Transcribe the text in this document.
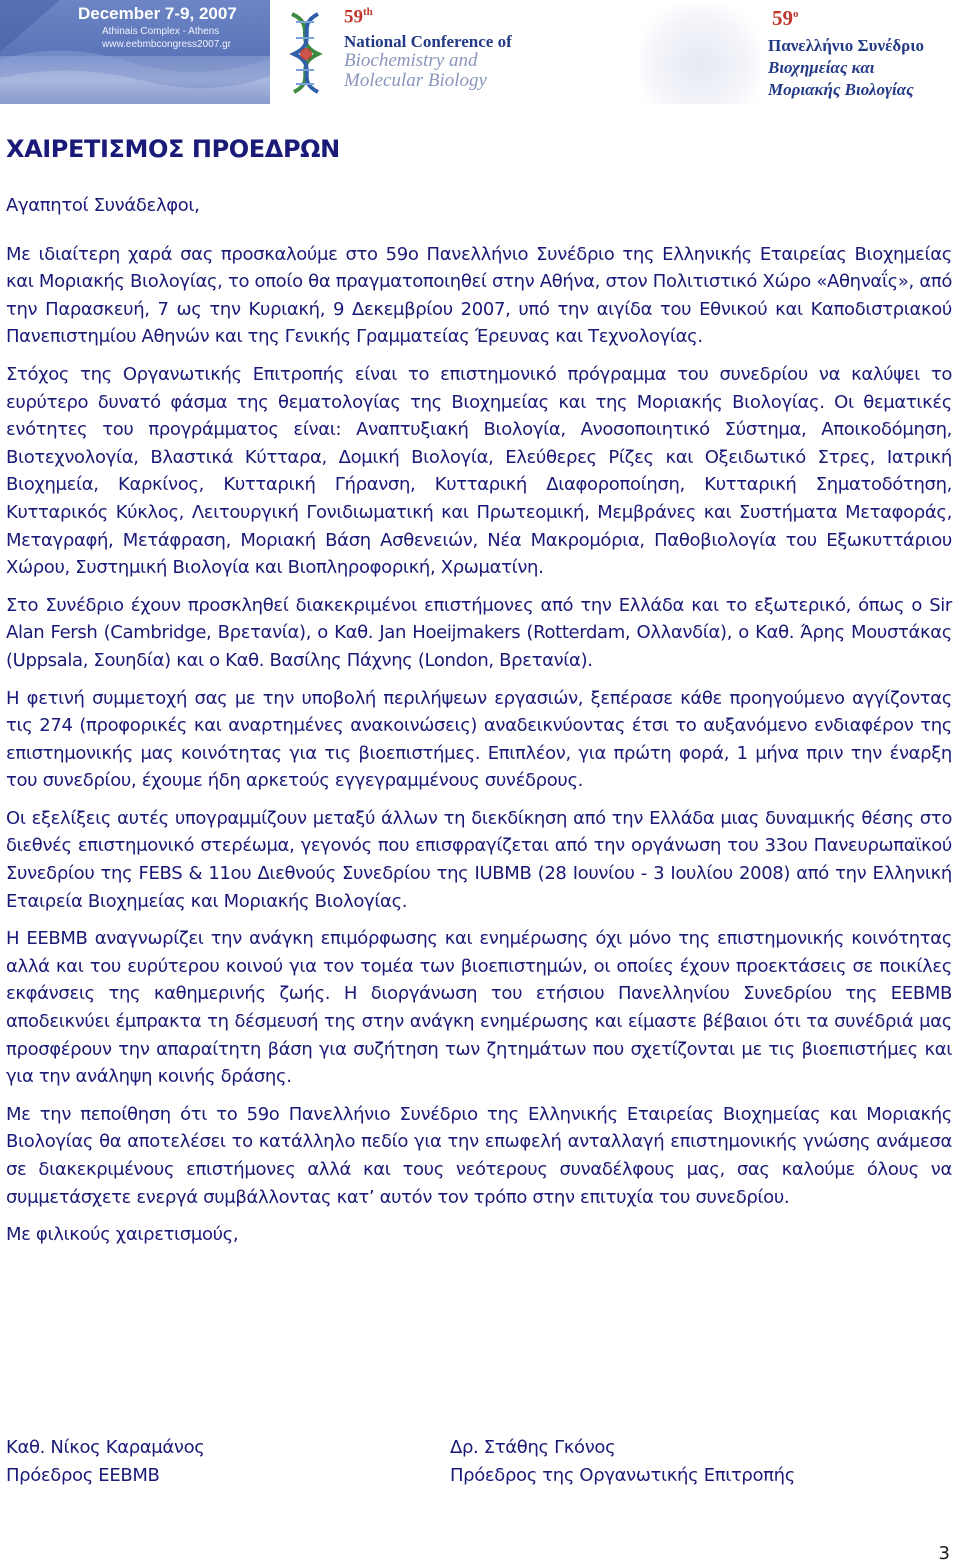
December 7-9, 2007
Athinais Complex - Athens
www.eebmbcongress2007.gr
59th
National Conference of
Biochemistry and
Molecular Biology
$59^o$
Πανελλήνιο Συνέδριο
Βιοχημείας και
Μοριακής Βιολογίας
ΧΑΙΡΕΤΙΣΜΟΣ ΠΡΟΕΔΡΩΝ

Αγαπητοί Συνάδελφοι,

Με ιδιαίτερη χαρά σας προσκαλούμε στο 59ο Πανελλήνιο Συνέδριο της Ελληνικής Εταιρείας Βιοχημείας και Μοριακής Βιολογίας, το οποίο θα πραγματοποιηθεί στην Αθήνα, στον Πολιτιστικό Χώρο «Αθηναΐς», από την Παρασκευή, 7 ως την Κυριακή, 9 Δεκεμβρίου 2007, υπό την αιγίδα του Εθνικού και Καποδιστριακού Πανεπιστημίου Αθηνών και της Γενικής Γραμματείας Έρευνας και Τεχνολογίας.

Στόχος της Οργανωτικής Επιτροπής είναι το επιστημονικό πρόγραμμα του συνεδρίου να καλύψει το ευρύτερο δυνατό φάσμα της θεματολογίας της Βιοχημείας και της Μοριακής Βιολογίας. Οι θεματικές ενότητες του προγράμματος είναι: Αναπτυξιακή Βιολογία, Ανοσοποιητικό Σύστημα, Αποικοδόμηση, Βιοτεχνολογία, Βλαστικά Κύτταρα, Δομική Βιολογία, Ελεύθερες Ρίζες και Οξειδωτικό Στρες, Ιατρική Βιοχημεία, Καρκίνος, Κυτταρική Γήρανση, Κυτταρική Διαφοροποίηση, Κυτταρική Σηματοδότηση, Κυτταρικός Κύκλος, Λειτουργική Γονιδιωματική και Πρωτεομική, Μεμβράνες και Συστήματα Μεταφοράς, Μεταγραφή, Μετάφραση, Μοριακή Βάση Ασθενειών, Νέα Μακρομόρια, Παθοβιολογία του Εξωκυττάριου Χώρου, Συστημική Βιολογία και Βιοπληροφορική, Χρωματίνη.

Στο Συνέδριο έχουν προσκληθεί διακεκριμένοι επιστήμονες από την Ελλάδα και το εξωτερικό, όπως ο Sir Alan Fersh (Cambridge, Βρετανία), ο Καθ. Jan Hoeijmakers (Rotterdam, Ολλανδία), ο Καθ. Άρης Μουστάκας (Uppsala, Σουηδία) και ο Καθ. Βασίλης Πάχνης (London, Βρετανία).

Η φετινή συμμετοχή σας με την υποβολή περιλήψεων εργασιών, ξεπέρασε κάθε προηγούμενο αγγίζοντας τις 274 (προφορικές και αναρτημένες ανακοινώσεις) αναδεικνύοντας έτσι το αυξανόμενο ενδιαφέρον της επιστημονικής μας κοινότητας για τις βιοεπιστήμες. Επιπλέον, για πρώτη φορά, 1 μήνα πριν την έναρξη του συνεδρίου, έχουμε ήδη αρκετούς εγγεγραμμένους συνέδρους.

Οι εξελίξεις αυτές υπογραμμίζουν μεταξύ άλλων τη διεκδίκηση από την Ελλάδα μιας δυναμικής θέσης στο διεθνές επιστημονικό στερέωμα, γεγονός που επισφραγίζεται από την οργάνωση του 33ου Πανευρωπαϊκού Συνεδρίου της FEBS & 11ου Διεθνούς Συνεδρίου της IUBMB (28 Ιουνίου - 3 Ιουλίου 2008) από την Ελληνική Εταιρεία Βιοχημείας και Μοριακής Βιολογίας.

Η ΕΕΒΜΒ αναγνωρίζει την ανάγκη επιμόρφωσης και ενημέρωσης όχι μόνο της επιστημονικής κοινότητας αλλά και του ευρύτερου κοινού για τον τομέα των βιοεπιστημών, οι οποίες έχουν προεκτάσεις σε ποικίλες εκφάνσεις της καθημερινής ζωής. Η διοργάνωση του ετήσιου Πανελληνίου Συνεδρίου της ΕΕΒΜΒ αποδεικνύει έμπρακτα τη δέσμευσή της στην ανάγκη ενημέρωσης και είμαστε βέβαιοι ότι τα συνέδριά μας προσφέρουν την απαραίτητη βάση για συζήτηση των ζητημάτων που σχετίζονται με τις βιοεπιστήμες και για την ανάληψη κοινής δράσης.

Με την πεποίθηση ότι το 59ο Πανελλήνιο Συνέδριο της Ελληνικής Εταιρείας Βιοχημείας και Μοριακής Βιολογίας θα αποτελέσει το κατάλληλο πεδίο για την επωφελή ανταλλαγή επιστημονικής γνώσης ανάμεσα σε διακεκριμένους επιστήμονες αλλά και τους νεότερους συναδέλφους μας, σας καλούμε όλους να συμμετάσχετε ενεργά συμβάλλοντας κατ’ αυτόν τον τρόπο στην επιτυχία του συνεδρίου.

Με φιλικούς χαιρετισμούς,

Καθ. Νίκος Καραμάνος
Πρόεδρος ΕΕΒΜΒ
Δρ. Στάθης Γκόνος
Πρόεδρος της Οργανωτικής Επιτροπής
3
